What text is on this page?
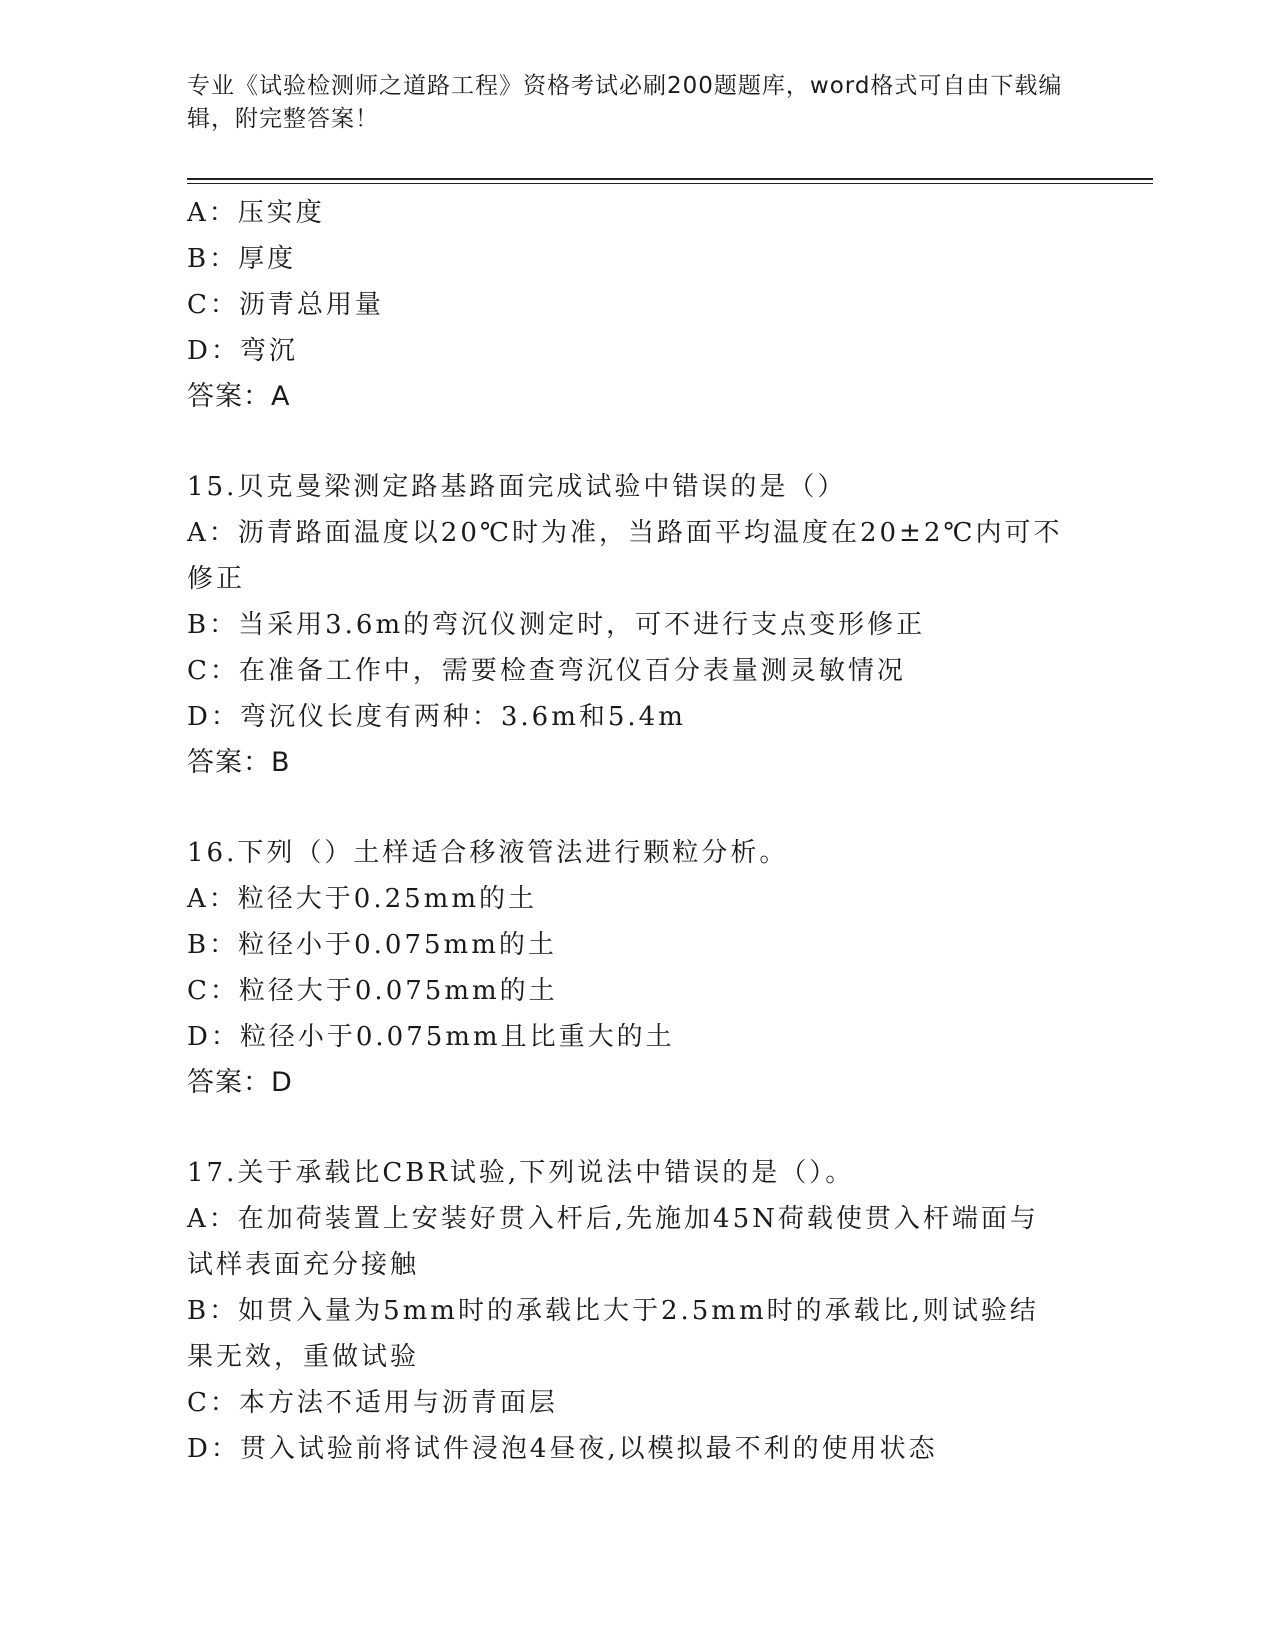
专业《试验检测师之道路工程》资格考试必刷200题题库，word格式可自由下载编辑，附完整答案！

A：压实度

B：厚度

C：沥青总用量

D：弯沉

答案：A

15.贝克曼梁测定路基路面完成试验中错误的是（）

A：沥青路面温度以20℃时为准，当路面平均温度在20±2℃内可不修正

B：当采用3.6m的弯沉仪测定时，可不进行支点变形修正

C：在准备工作中，需要检查弯沉仪百分表量测灵敏情况

D：弯沉仪长度有两种：3.6m和5.4m

答案：B

16.下列（）土样适合移液管法进行颗粒分析。

A：粒径大于0.25mm的土

B：粒径小于0.075mm的土

C：粒径大于0.075mm的土

D：粒径小于0.075mm且比重大的土

答案：D

17.关于承载比CBR试验,下列说法中错误的是（）。

A：在加荷装置上安装好贯入杆后,先施加45N荷载使贯入杆端面与试样表面充分接触

B：如贯入量为5mm时的承载比大于2.5mm时的承载比,则试验结果无效，重做试验

C：本方法不适用与沥青面层

D：贯入试验前将试件浸泡4昼夜,以模拟最不利的使用状态
